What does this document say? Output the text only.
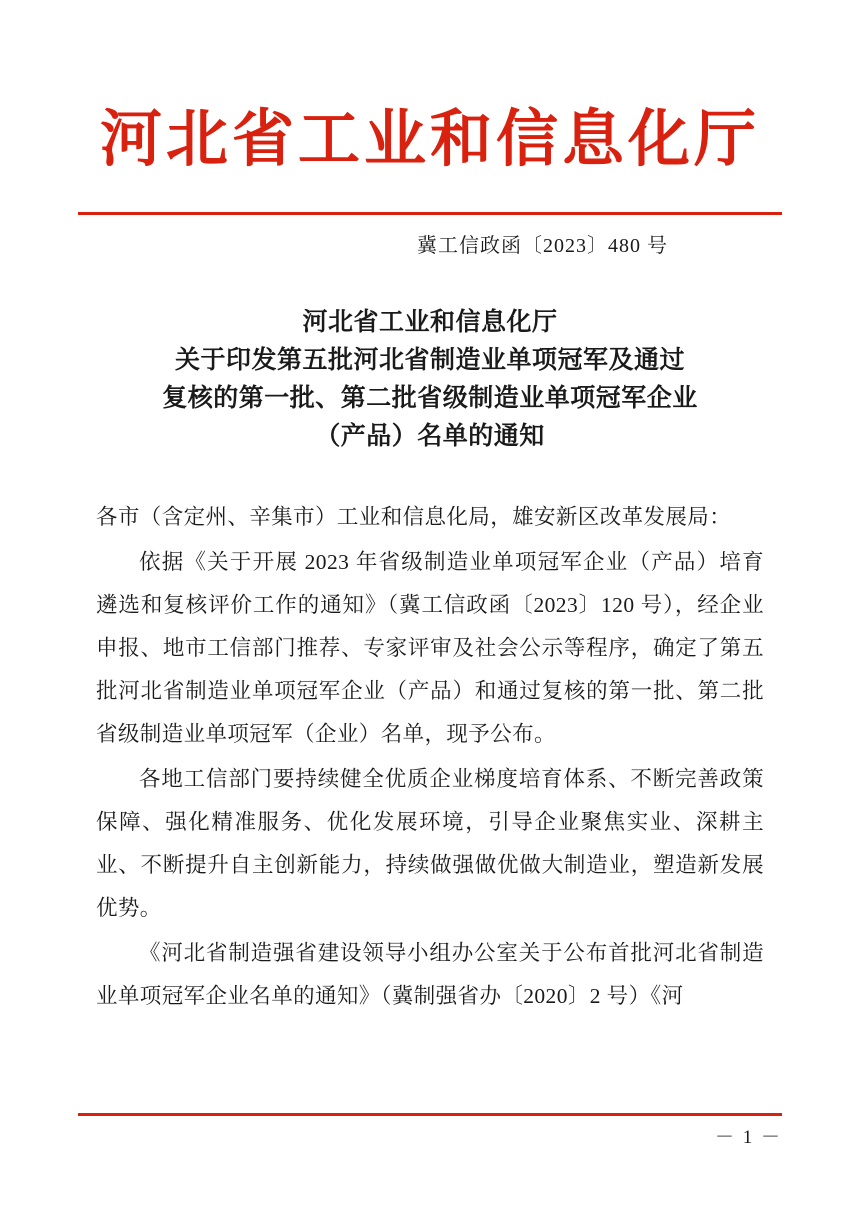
河北省工业和信息化厅
冀工信政函〔2023〕480 号
河北省工业和信息化厅
关于印发第五批河北省制造业单项冠军及通过
复核的第一批、第二批省级制造业单项冠军企业
（产品）名单的通知

各市（含定州、辛集市）工业和信息化局，雄安新区改革发展局：

依据《关于开展 2023 年省级制造业单项冠军企业（产品）培育遴选和复核评价工作的通知》（冀工信政函〔2023〕120 号），经企业申报、地市工信部门推荐、专家评审及社会公示等程序，确定了第五批河北省制造业单项冠军企业（产品）和通过复核的第一批、第二批省级制造业单项冠军（企业）名单，现予公布。

各地工信部门要持续健全优质企业梯度培育体系、不断完善政策保障、强化精准服务、优化发展环境，引导企业聚焦实业、深耕主业、不断提升自主创新能力，持续做强做优做大制造业，塑造新发展优势。

《河北省制造强省建设领导小组办公室关于公布首批河北省制造业单项冠军企业名单的通知》（冀制强省办〔2020〕2 号）《河

－ 1 －
